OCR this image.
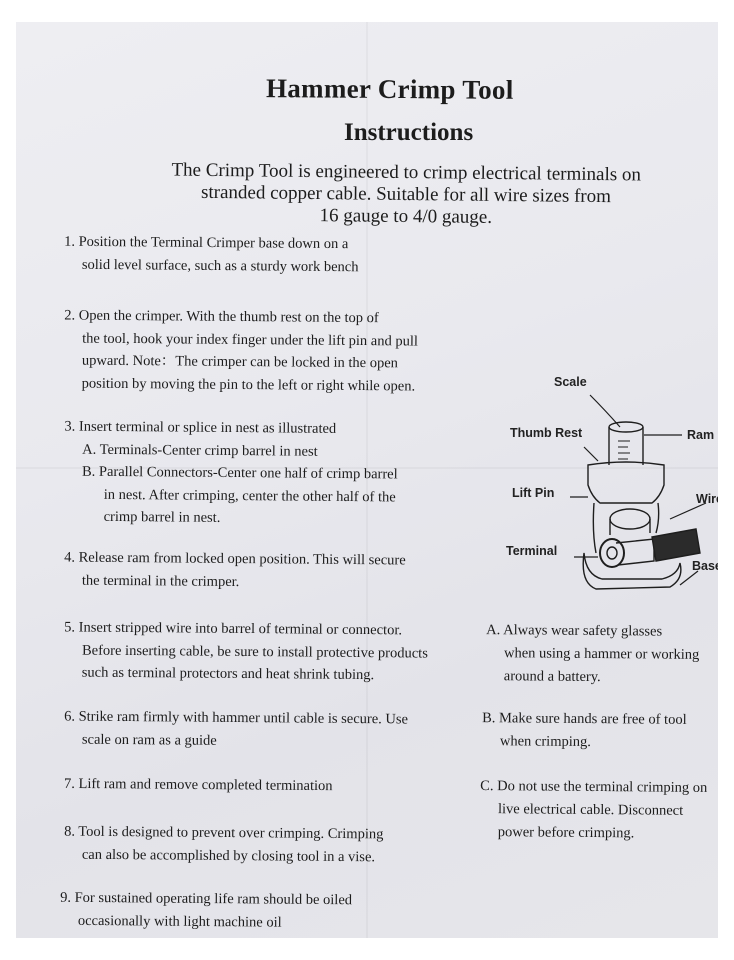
Hammer Crimp Tool
Instructions
The Crimp Tool is engineered to crimp electrical terminals on
stranded copper cable. Suitable for all wire sizes from
16 gauge to 4/0 gauge.
1. Position the Terminal Crimper base down on a
solid level surface, such as a sturdy work bench
2. Open the crimper. With the thumb rest on the top of
the tool, hook your index finger under the lift pin and pull
upward. Note：The crimper can be locked in the open
position by moving the pin to the left or right while open.
3. Insert terminal or splice in nest as illustrated
A. Terminals-Center crimp barrel in nest
B. Parallel Connectors-Center one half of crimp barrel
in nest. After crimping, center the other half of the
crimp barrel in nest.
4. Release ram from locked open position. This will secure
the terminal in the crimper.
5. Insert stripped wire into barrel of terminal or connector.
Before inserting cable, be sure to install protective products
such as terminal protectors and heat shrink tubing.
6. Strike ram firmly with hammer until cable is secure. Use
scale on ram as a guide
7. Lift ram and remove completed termination
8. Tool is designed to prevent over crimping. Crimping
can also be accomplished by closing tool in a vise.
9. For sustained operating life ram should be oiled
occasionally with light machine oil
A. Always wear safety glasses
when using a hammer or working
around a battery.
B. Make sure hands are free of tool
when crimping.
C. Do not use the terminal crimping on
live electrical cable. Disconnect
power before crimping.
Scale
Thumb Rest	Ram
Lift Pin	Wire
Terminal
Base
